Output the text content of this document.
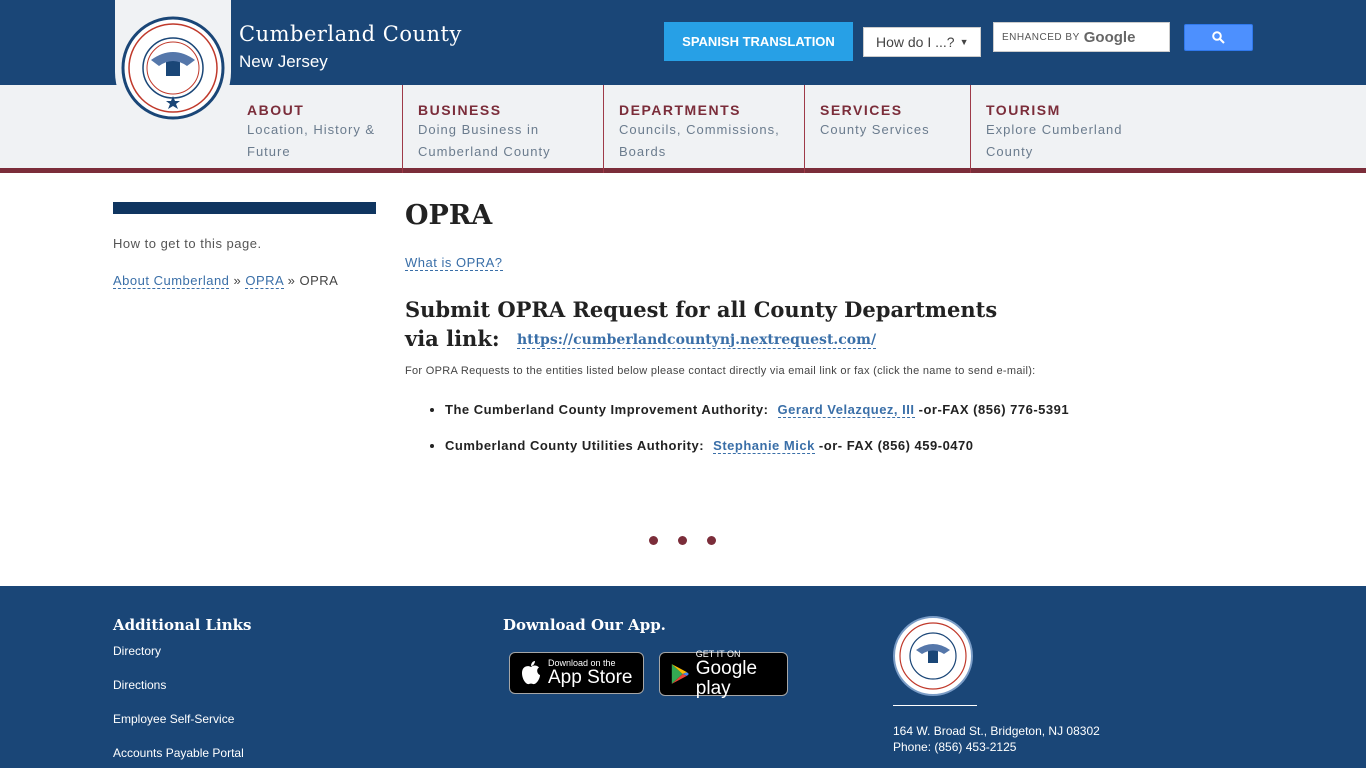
Cumberland County
New Jersey
SPANISH TRANSLATION	How do I ...? ▼	ENHANCED BY Google
ABOUT
Location, History &
Future
BUSINESS
Doing Business in
Cumberland County
DEPARTMENTS
Councils, Commissions,
Boards
SERVICES
County Services
TOURISM
Explore Cumberland
County
How to get to this page.
About Cumberland » OPRA » OPRA
OPRA
What is OPRA?
Submit OPRA Request for all County Departments via link: https://cumberlandcountynj.nextrequest.com/
For OPRA Requests to the entities listed below please contact directly via email link or fax (click the name to send e-mail):
• The Cumberland County Improvement Authority: Gerard Velazquez, III -or-FAX (856) 776-5391
• Cumberland County Utilities Authority: Stephanie Mick -or- FAX (856) 459-0470
Additional Links
Directory
Directions
Employee Self-Service
Accounts Payable Portal
Download Our App.
Download on the
App Store
GET IT ON
Google play
164 W. Broad St., Bridgeton, NJ 08302
Phone: (856) 453-2125
